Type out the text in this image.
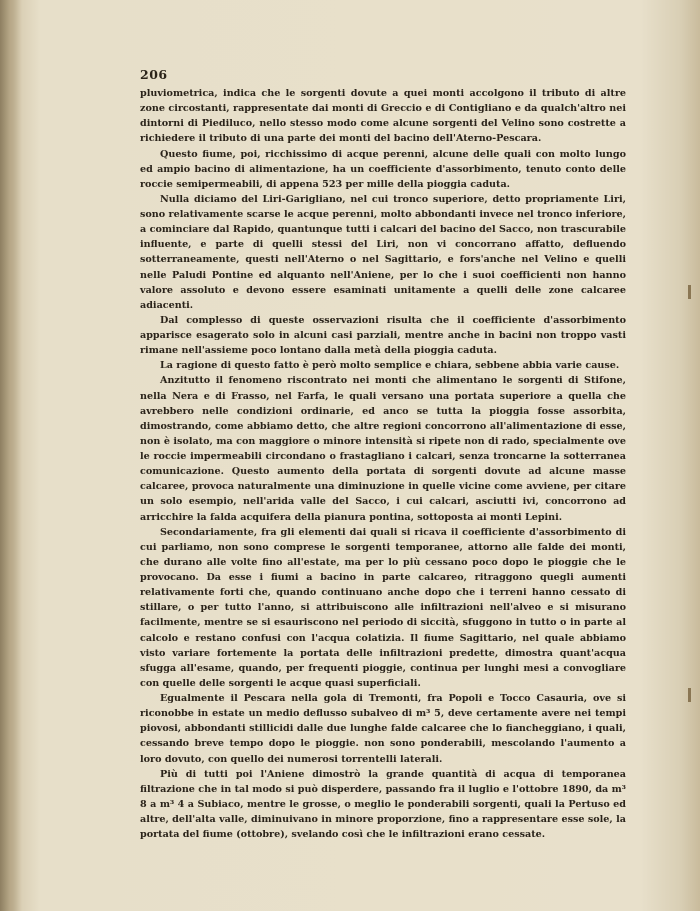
206

pluviometrica, indica che le sorgenti dovute a quei monti accolgono il tributo di altre zone circostanti, rappresentate dai monti di Greccio e di Contigliano e da qualch'altro nei dintorni di Piediluco, nello stesso modo come alcune sorgenti del Velino sono costrette a richiedere il tributo di una parte dei monti del bacino dell'Aterno-Pescara.

Questo fiume, poi, ricchissimo di acque perenni, alcune delle quali con molto lungo ed ampio bacino di alimentazione, ha un coefficiente d'assorbimento, tenuto conto delle roccie semipermeabili, di appena 523 per mille della pioggia caduta.

Nulla diciamo del Liri-Garigliano, nel cui tronco superiore, detto propriamente Liri, sono relativamente scarse le acque perenni, molto abbondanti invece nel tronco inferiore, a cominciare dal Rapido, quantunque tutti i calcari del bacino del Sacco, non trascurabile influente, e parte di quelli stessi del Liri, non vi concorrano affatto, defluendo sotterraneamente, questi nell'Aterno o nel Sagittario, e fors'anche nel Velino e quelli nelle Paludi Pontine ed alquanto nell'Aniene, per lo che i suoi coefficienti non hanno valore assoluto e devono essere esaminati unitamente a quelli delle zone calcaree adiacenti.

Dal complesso di queste osservazioni risulta che il coefficiente d'assorbimento apparisce esagerato solo in alcuni casi parziali, mentre anche in bacini non troppo vasti rimane nell'assieme poco lontano dalla metà della pioggia caduta.

La ragione di questo fatto è però molto semplice e chiara, sebbene abbia varie cause.

Anzitutto il fenomeno riscontrato nei monti che alimentano le sorgenti di Stifone, nella Nera e di Frasso, nel Farfa, le quali versano una portata superiore a quella che avrebbero nelle condizioni ordinarie, ed anco se tutta la pioggia fosse assorbita, dimostrando, come abbiamo detto, che altre regioni concorrono all'alimentazione di esse, non è isolato, ma con maggiore o minore intensità si ripete non di rado, specialmente ove le roccie impermeabili circondano o frastagliano i calcari, senza troncarne la sotterranea comunicazione. Questo aumento della portata di sorgenti dovute ad alcune masse calcaree, provoca naturalmente una diminuzione in quelle vicine come avviene, per citare un solo esempio, nell'arida valle del Sacco, i cui calcari, asciutti ivi, concorrono ad arricchire la falda acquifera della pianura pontina, sottoposta ai monti Lepini.

Secondariamente, fra gli elementi dai quali si ricava il coefficiente d'assorbimento di cui parliamo, non sono comprese le sorgenti temporanee, attorno alle falde dei monti, che durano alle volte fino all'estate, ma per lo più cessano poco dopo le pioggie che le provocano. Da esse i fiumi a bacino in parte calcareo, ritraggono quegli aumenti relativamente forti che, quando continuano anche dopo che i terreni hanno cessato di stillare, o per tutto l'anno, si attribuiscono alle infiltrazioni nell'alveo e si misurano facilmente, mentre se si esauriscono nel periodo di siccità, sfuggono in tutto o in parte al calcolo e restano confusi con l'acqua colatizia. Il fiume Sagittario, nel quale abbiamo visto variare fortemente la portata delle infiltrazioni predette, dimostra quant'acqua sfugga all'esame, quando, per frequenti pioggie, continua per lunghi mesi a convogliare con quelle delle sorgenti le acque quasi superficiali.

Egualmente il Pescara nella gola di Tremonti, fra Popoli e Tocco Casauria, ove si riconobbe in estate un medio deflusso subalveo di m³ 5, deve certamente avere nei tempi piovosi, abbondanti stillicidi dalle due lunghe falde calcaree che lo fiancheggiano, i quali, cessando breve tempo dopo le pioggie. non sono ponderabili, mescolando l'aumento a loro dovuto, con quello dei numerosi torrentelli laterali.

Più di tutti poi l'Aniene dimostrò la grande quantità di acqua di temporanea filtrazione che in tal modo si può disperdere, passando fra il luglio e l'ottobre 1890, da m³ 8 a m³ 4 a Subiaco, mentre le grosse, o meglio le ponderabili sorgenti, quali la Pertuso ed altre, dell'alta valle, diminuivano in minore proporzione, fino a rappresentare esse sole, la portata del fiume (ottobre), svelando così che le infiltrazioni erano cessate.
